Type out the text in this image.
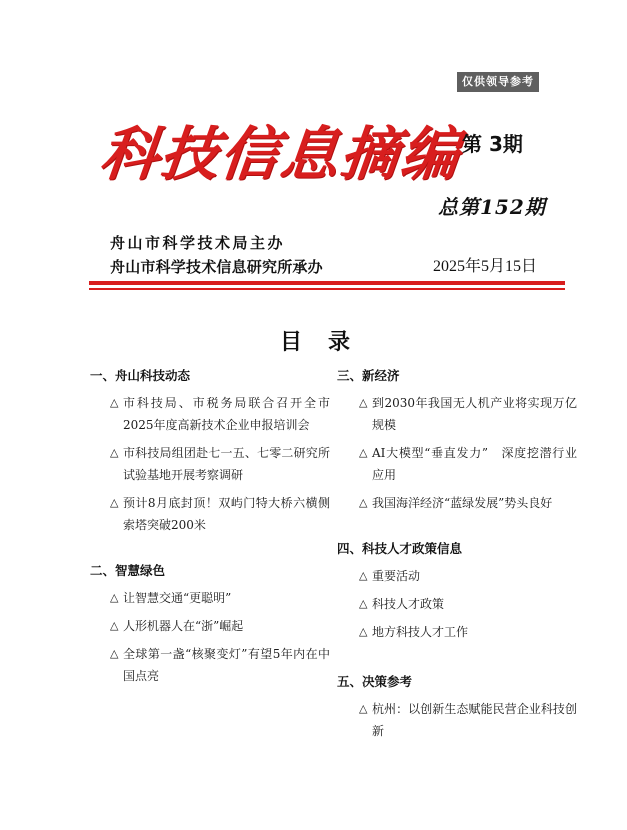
仅供领导参考
科技信息摘编
第 3期
总第152期
舟山市科学技术局主办
舟山市科学技术信息研究所承办	2025年5月15日
目录
一、舟山科技动态
△ 市科技局、市税务局联合召开全市2025年度高新技术企业申报培训会
△ 市科技局组团赴七一五、七零二研究所试验基地开展考察调研
△ 预计8月底封顶！双屿门特大桥六横侧索塔突破200米
二、智慧绿色
△ 让智慧交通“更聪明”
△ 人形机器人在“浙”崛起
△ 全球第一盏“核聚变灯”有望5年内在中国点亮
三、新经济
△ 到2030年我国无人机产业将实现万亿规模
△ AI大模型“垂直发力”　深度挖潜行业应用
△ 我国海洋经济“蓝绿发展”势头良好
四、科技人才政策信息
△ 重要活动
△ 科技人才政策
△ 地方科技人才工作
五、决策参考
△ 杭州：以创新生态赋能民营企业科技创新
